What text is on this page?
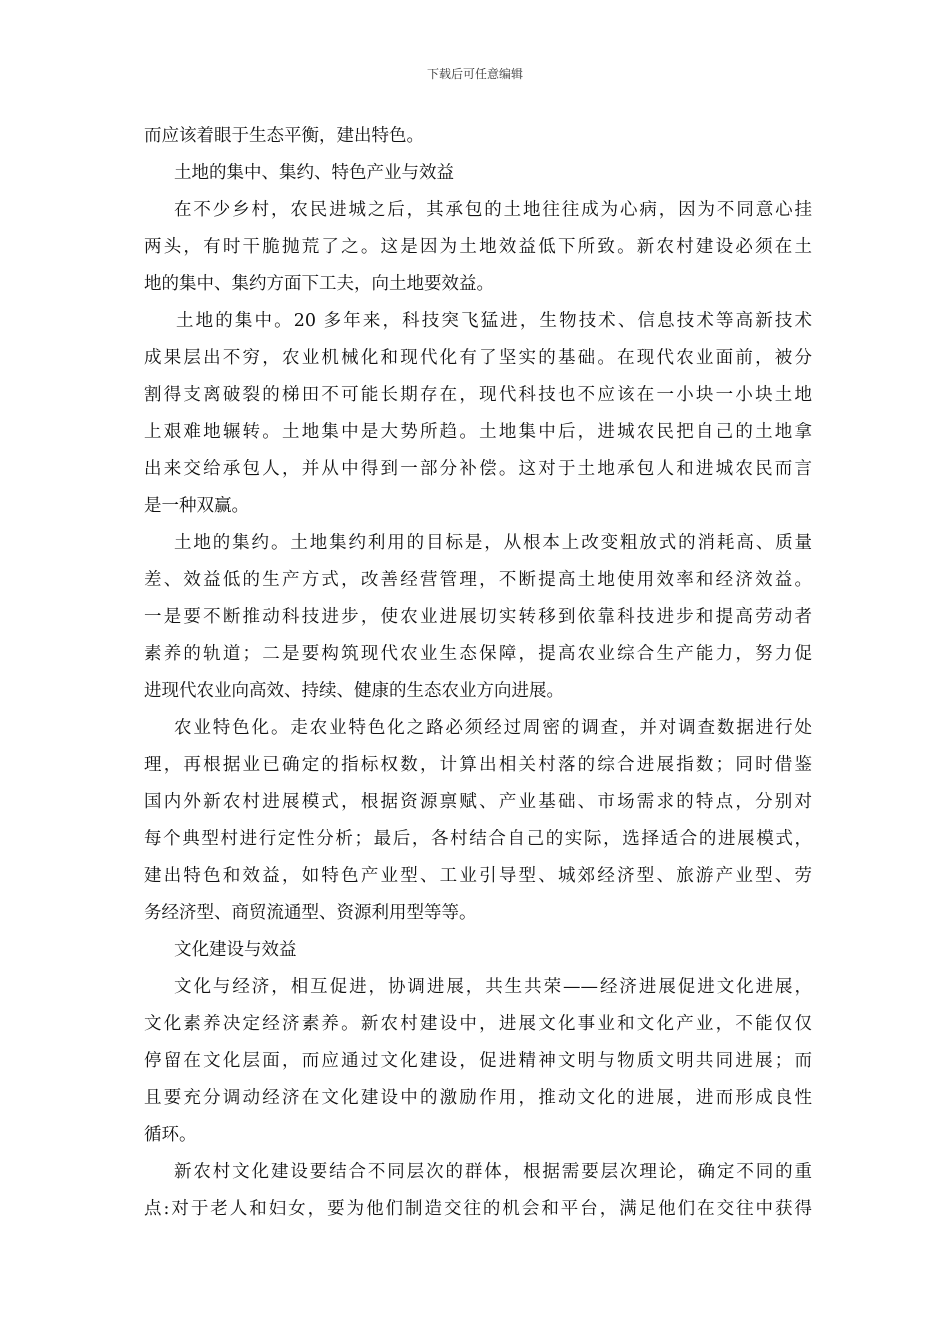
下载后可任意编辑
而应该着眼于生态平衡，建出特色。
土地的集中、集约、特色产业与效益
在不少乡村，农民进城之后，其承包的土地往往成为心病，因为不同意心挂
两头，有时干脆抛荒了之。这是因为土地效益低下所致。新农村建设必须在土
地的集中、集约方面下工夫，向土地要效益。
土地的集中。20 多年来，科技突飞猛进，生物技术、信息技术等高新技术
成果层出不穷，农业机械化和现代化有了坚实的基础。在现代农业面前，被分
割得支离破裂的梯田不可能长期存在，现代科技也不应该在一小块一小块土地
上艰难地辗转。土地集中是大势所趋。土地集中后，进城农民把自己的土地拿
出来交给承包人，并从中得到一部分补偿。这对于土地承包人和进城农民而言
是一种双赢。
土地的集约。土地集约利用的目标是，从根本上改变粗放式的消耗高、质量
差、效益低的生产方式，改善经营管理，不断提高土地使用效率和经济效益。
一是要不断推动科技进步，使农业进展切实转移到依靠科技进步和提高劳动者
素养的轨道；二是要构筑现代农业生态保障，提高农业综合生产能力，努力促
进现代农业向高效、持续、健康的生态农业方向进展。
农业特色化。走农业特色化之路必须经过周密的调查，并对调查数据进行处
理，再根据业已确定的指标权数，计算出相关村落的综合进展指数；同时借鉴
国内外新农村进展模式，根据资源禀赋、产业基础、市场需求的特点，分别对
每个典型村进行定性分析；最后，各村结合自己的实际，选择适合的进展模式，
建出特色和效益，如特色产业型、工业引导型、城郊经济型、旅游产业型、劳
务经济型、商贸流通型、资源利用型等等。
文化建设与效益
文化与经济，相互促进，协调进展，共生共荣——经济进展促进文化进展，
文化素养决定经济素养。新农村建设中，进展文化事业和文化产业，不能仅仅
停留在文化层面，而应通过文化建设，促进精神文明与物质文明共同进展；而
且要充分调动经济在文化建设中的激励作用，推动文化的进展，进而形成良性
循环。
新农村文化建设要结合不同层次的群体，根据需要层次理论，确定不同的重
点:对于老人和妇女，要为他们制造交往的机会和平台，满足他们在交往中获得
